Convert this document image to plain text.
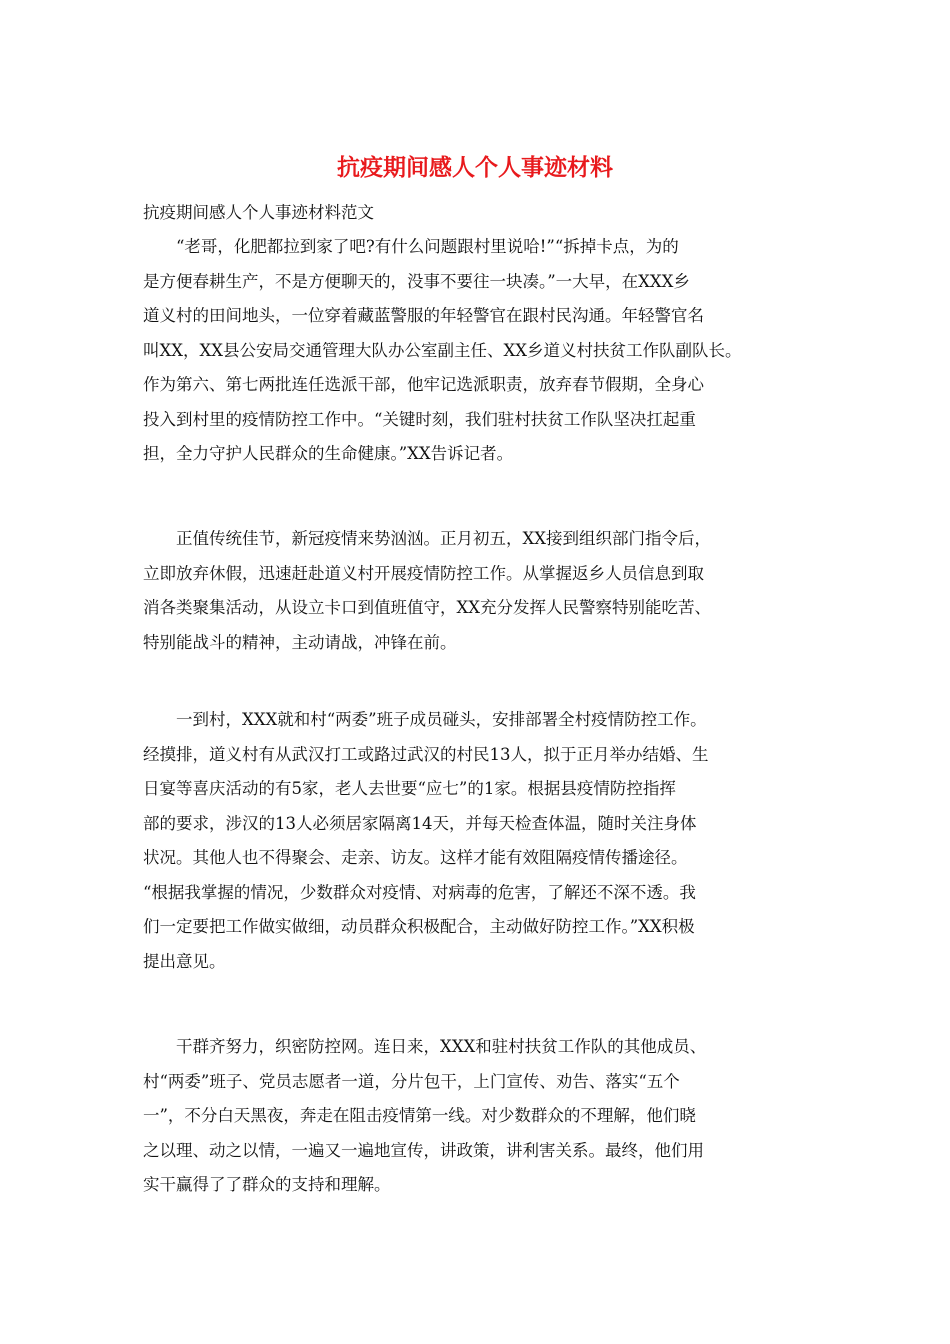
抗疫期间感人个人事迹材料

抗疫期间感人个人事迹材料范文

“老哥，化肥都拉到家了吧?有什么问题跟村里说哈!”“拆掉卡点，为的
是方便春耕生产，不是方便聊天的，没事不要往一块凑。”一大早，在XXX乡
道义村的田间地头，一位穿着藏蓝警服的年轻警官在跟村民沟通。年轻警官名
叫XX，XX县公安局交通管理大队办公室副主任、XX乡道义村扶贫工作队副队长。
作为第六、第七两批连任选派干部，他牢记选派职责，放弃春节假期，全身心
投入到村里的疫情防控工作中。“关键时刻，我们驻村扶贫工作队坚决扛起重
担，全力守护人民群众的生命健康。”XX告诉记者。

正值传统佳节，新冠疫情来势汹汹。正月初五，XX接到组织部门指令后，
立即放弃休假，迅速赶赴道义村开展疫情防控工作。从掌握返乡人员信息到取
消各类聚集活动，从设立卡口到值班值守，XX充分发挥人民警察特别能吃苦、
特别能战斗的精神，主动请战，冲锋在前。

一到村，XXX就和村“两委”班子成员碰头，安排部署全村疫情防控工作。
经摸排，道义村有从武汉打工或路过武汉的村民13人，拟于正月举办结婚、生
日宴等喜庆活动的有5家，老人去世要“应七”的1家。根据县疫情防控指挥
部的要求，涉汉的13人必须居家隔离14天，并每天检查体温，随时关注身体
状况。其他人也不得聚会、走亲、访友。这样才能有效阻隔疫情传播途径。
“根据我掌握的情况，少数群众对疫情、对病毒的危害，了解还不深不透。我
们一定要把工作做实做细，动员群众积极配合，主动做好防控工作。”XX积极
提出意见。

干群齐努力，织密防控网。连日来，XXX和驻村扶贫工作队的其他成员、
村“两委”班子、党员志愿者一道，分片包干，上门宣传、劝告、落实“五个
一”，不分白天黑夜，奔走在阻击疫情第一线。对少数群众的不理解，他们晓
之以理、动之以情，一遍又一遍地宣传，讲政策，讲利害关系。最终，他们用
实干赢得了了群众的支持和理解。
